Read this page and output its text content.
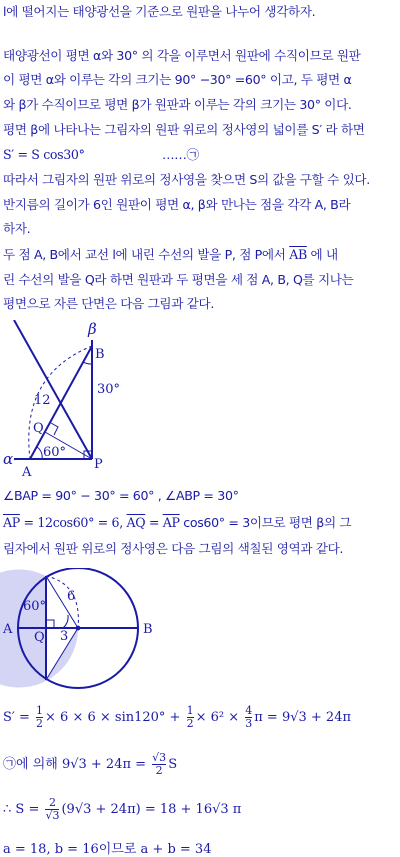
l에 떨어지는 태양광선을 기준으로 원판을 나누어 생각하자.
태양광선이 평면 α와 30° 의 각을 이루면서 원판에 수직이므로 원판
이 평면 α와 이루는 각의 크기는 90° −30° =60° 이고, 두 평면 α
와 β가 수직이므로 평면 β가 원판과 이루는 각의 크기는 30° 이다.
평면 β에 나타나는 그림자의 원판 위로의 정사영의 넓이를 S′ 라 하면
S′ = S cos30°	……㉠
따라서 그림자의 원판 위로의 정사영을 찾으면 S의 값을 구할 수 있다.
반지름의 길이가 6인 원판이 평면 α, β와 만나는 점을 각각 A, B라
하자.
두 점 A, B에서 교선 l에 내린 수선의 발을 P, 점 P에서 $\overline{AB}$ 에 내
린 수선의 발을 Q라 하면 원판과 두 평면을 세 점 A, B, Q를 지나는
평면으로 자른 단면은 다음 그림과 같다.
β
α
B
A
P
Q
12
30°
60°
∠BAP = 90° − 30° = 60° , ∠ABP = 30°
$\overline{AP} = 12\cos 60^\circ = 6$, $\overline{AQ} = \overline{AP}$ cos60° = 3이므로 평면 β의 그
림자에서 원판 위로의 정사영은 다음 그림의 색칠된 영역과 같다.
A	B
Q
6
3
60°
$S' = \frac{1}{2} \times 6 \times 6 \times \sin 120^\circ + \frac{1}{2} \times 6^2 \times \frac{4}{3}$ π = 9√3 + 24π
㉠에 의해 $9√3 + 24\pi = \frac{√3}{2}$ S
∴ $S = \frac{2}{√3} (9√3 + 24\pi) = 18 + 16√3$ π
a = 18, b = 16이므로 a + b = 34
